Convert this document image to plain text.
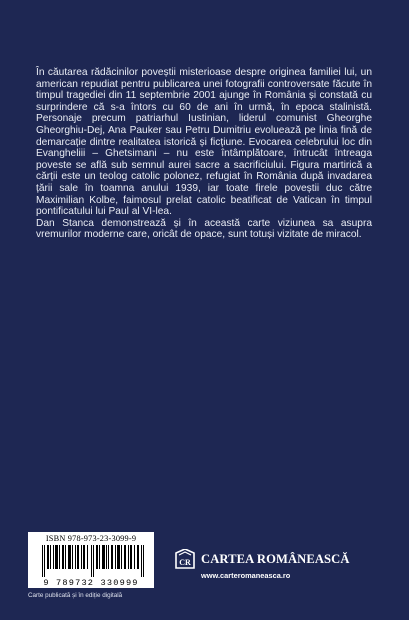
În căutarea rădăcinilor poveștii misterioase despre originea familiei lui, un american repudiat pentru publicarea unei fotografii controversate făcute în timpul tragediei din 11 septembrie 2001 ajunge în România și constată cu surprindere că s-a întors cu 60 de ani în urmă, în epoca stalinistă. Personaje precum patriarhul Iustinian, liderul comunist Gheorghe Gheorghiu-Dej, Ana Pauker sau Petru Dumitriu evoluează pe linia fină de demarcație dintre realitatea istorică și ficțiune. Evocarea celebrului loc din Evangheliii – Ghetsimani – nu este întâmplătoare, întrucât întreaga poveste se află sub semnul aurei sacre a sacrificiului. Figura martirică a cărții este un teolog catolic polonez, refugiat în România după invadarea țării sale în toamna anului 1939, iar toate firele poveștii duc către Maximilian Kolbe, faimosul prelat catolic beatificat de Vatican în timpul pontificatului lui Paul al VI-lea.

Dan Stanca demonstrează și în această carte viziunea sa asupra vremurilor moderne care, oricât de opace, sunt totuși vizitate de miracol.

ISBN 978-973-23-3099-9
9 789732 330999
Carte publicată și în ediție digitală
CR CARTEA ROMÂNEASCĂ
www.carteromaneasca.ro
